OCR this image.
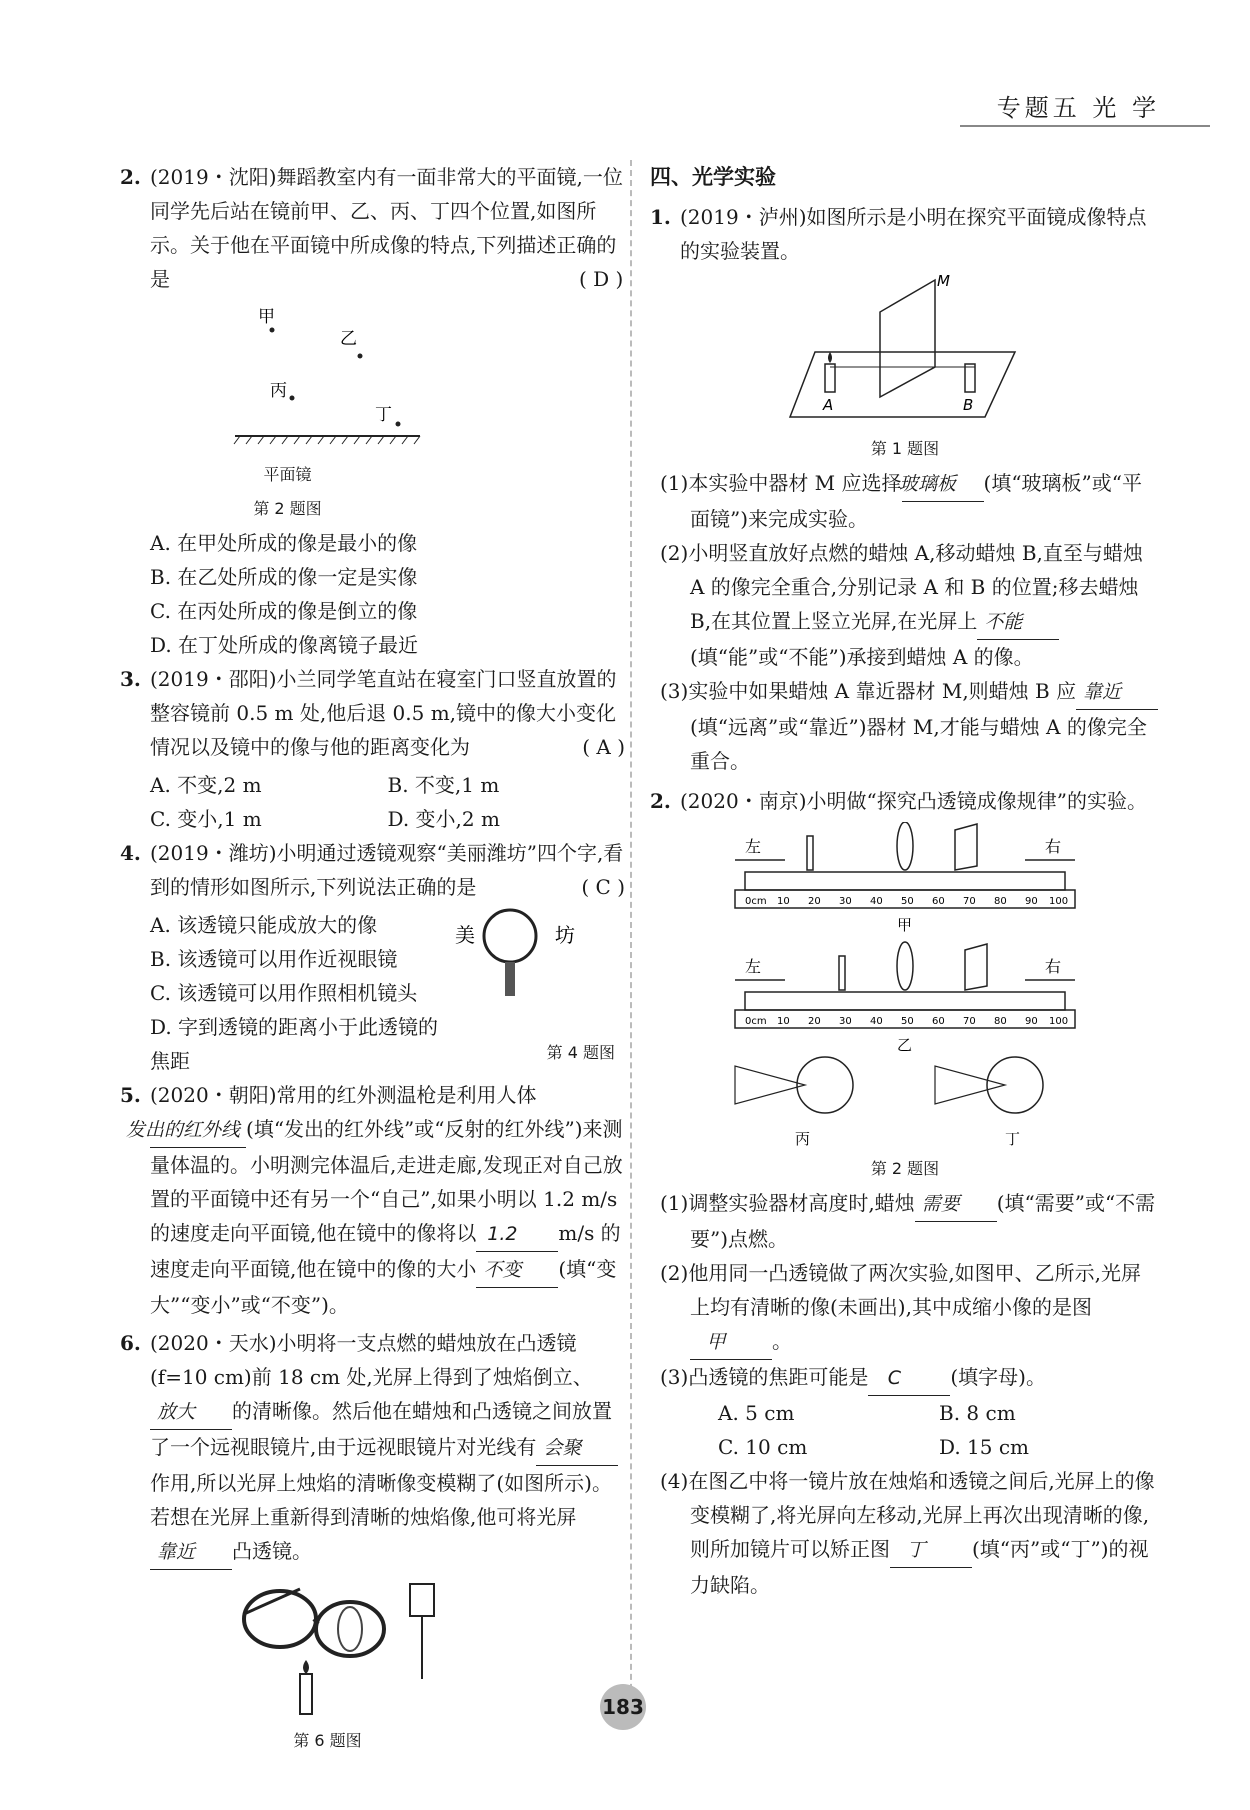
专题五 光 学
2. (2019・沈阳)舞蹈教室内有一面非常大的平面镜,一位同学先后站在镜前甲、乙、丙、丁四个位置,如图所示。关于他在平面镜中所成像的特点,下列描述正确的是	( D )
甲
乙
丙
丁
平面镜
第 2 题图

A. 在甲处所成的像是最小的像

B. 在乙处所成的像一定是实像

C. 在丙处所成的像是倒立的像

D. 在丁处所成的像离镜子最近

3. (2019・邵阳)小兰同学笔直站在寝室门口竖直放置的整容镜前 0.5 m 处,他后退 0.5 m,镜中的像大小变化情况以及镜中的像与他的距离变化为	( A )
A. 不变,2 m	B. 不变,1 m
C. 变小,1 m	D. 变小,2 m
4. (2019・潍坊)小明通过透镜观察“美丽潍坊”四个字,看到的情形如图所示,下列说法正确的是	( C )

A. 该透镜只能成放大的像

B. 该透镜可以用作近视眼镜

C. 该透镜可以用作照相机镜头

D. 字到透镜的距离小于此透镜的焦距

美	坊
第 4 题图
5. (2020・朝阳)常用的红外测温枪是利用人体发出的红外线 (填“发出的红外线”或“反射的红外线”)来测量体温的。小明测完体温后,走进走廊,发现正对自己放置的平面镜中还有另一个“自己”,如果小明以 1.2 m/s 的速度走向平面镜,他在镜中的像将以 1.2 m/s 的速度走向平面镜,他在镜中的像的大小 不变 (填“变大”“变小”或“不变”)。
6. (2020・天水)小明将一支点燃的蜡烛放在凸透镜(f=10 cm)前 18 cm 处,光屏上得到了烛焰倒立、放大 的清晰像。然后他在蜡烛和凸透镜之间放置了一个远视眼镜片,由于远视眼镜片对光线有 会聚作用,所以光屏上烛焰的清晰像变模糊了(如图所示)。若想在光屏上重新得到清晰的烛焰像,他可将光屏靠近 凸透镜。
第 6 题图
四、光学实验
1. (2019・泸州)如图所示是小明在探究平面镜成像特点的实验装置。
M
A	B
第 1 题图

(1)本实验中器材 M 应选择玻璃板 (填“玻璃板”或“平面镜”)来完成实验。

(2)小明竖直放好点燃的蜡烛 A,移动蜡烛 B,直至与蜡烛 A 的像完全重合,分别记录 A 和 B 的位置;移去蜡烛 B,在其位置上竖立光屏,在光屏上 不能(填“能”或“不能”)承接到蜡烛 A 的像。

(3)实验中如果蜡烛 A 靠近器材 M,则蜡烛 B 应 靠近(填“远离”或“靠近”)器材 M,才能与蜡烛 A 的像完全重合。

2. (2020・南京)小明做“探究凸透镜成像规律”的实验。
左	右
0cm 10 20 30 40 50 60 70 80 90 100
甲
左	右
0cm 10 20 30 40 50 60 70 80 90 100
乙
丙	丁
第 2 题图

(1)调整实验器材高度时,蜡烛 需要 (填“需要”或“不需要”)点燃。

(2)他用同一凸透镜做了两次实验,如图甲、乙所示,光屏上均有清晰的像(未画出),其中成缩小像的是图甲 。

(3)凸透镜的焦距可能是 C (填字母)。

A. 5 cm	B. 8 cm
C. 10 cm	D. 15 cm

(4)在图乙中将一镜片放在烛焰和透镜之间后,光屏上的像变模糊了,将光屏向左移动,光屏上再次出现清晰的像,则所加镜片可以矫正图 丁 (填“丙”或“丁”)的视力缺陷。

183
